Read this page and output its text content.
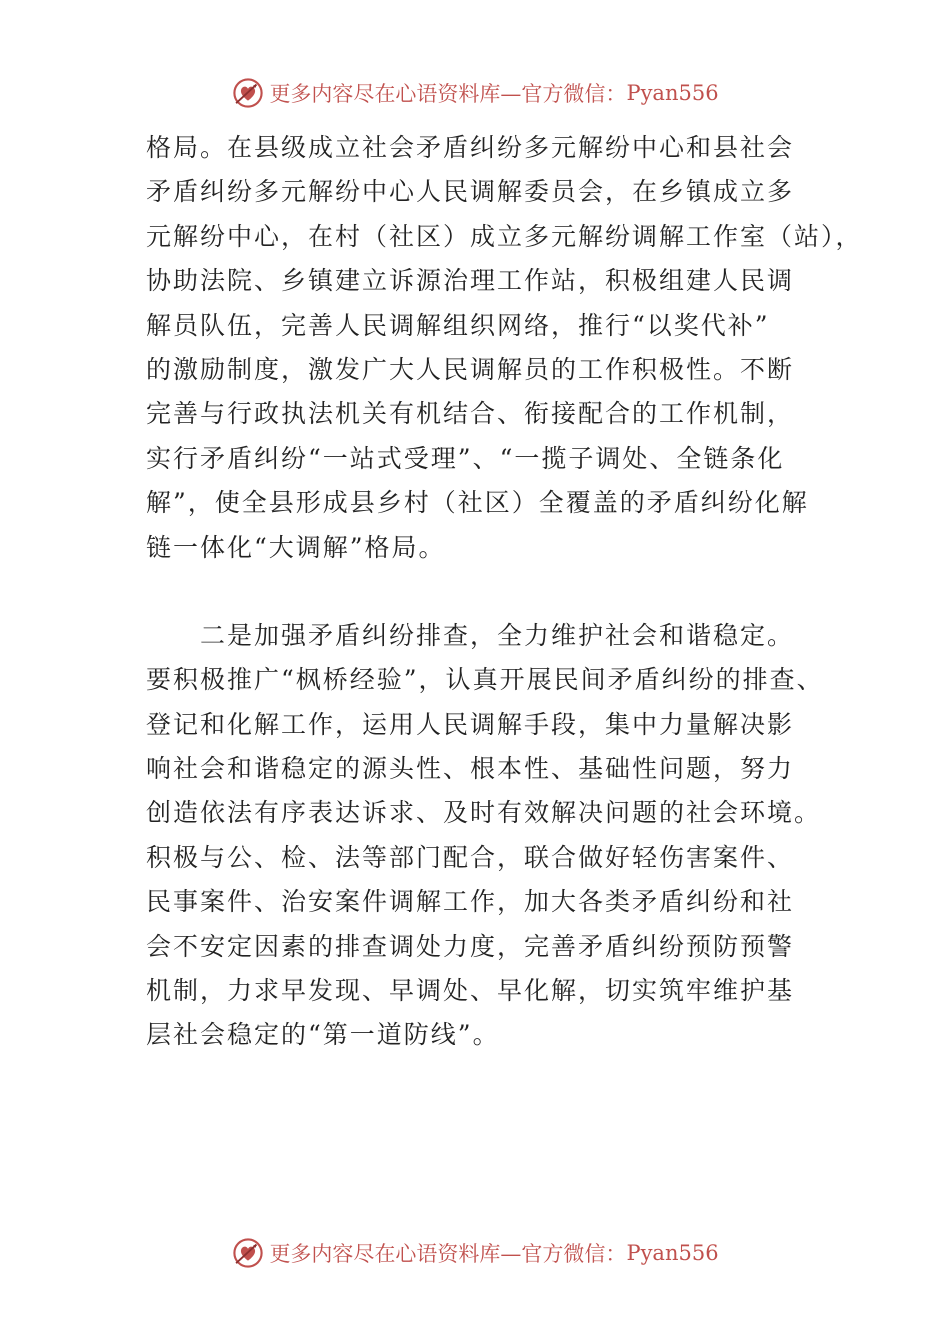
更多内容尽在心语资料库—官方微信： Pyan556
格局。在县级成立社会矛盾纠纷多元解纷中心和县社会
矛盾纠纷多元解纷中心人民调解委员会，在乡镇成立多
元解纷中心，在村（社区）成立多元解纷调解工作室（站），
协助法院、乡镇建立诉源治理工作站，积极组建人民调
解员队伍，完善人民调解组织网络，推行“以奖代补”
的激励制度，激发广大人民调解员的工作积极性。不断
完善与行政执法机关有机结合、衔接配合的工作机制，
实行矛盾纠纷“一站式受理”、“一揽子调处、全链条化
解”，使全县形成县乡村（社区）全覆盖的矛盾纠纷化解
链一体化“大调解”格局。
二是加强矛盾纠纷排查，全力维护社会和谐稳定。
要积极推广“枫桥经验”，认真开展民间矛盾纠纷的排查、
登记和化解工作，运用人民调解手段，集中力量解决影
响社会和谐稳定的源头性、根本性、基础性问题，努力
创造依法有序表达诉求、及时有效解决问题的社会环境。
积极与公、检、法等部门配合，联合做好轻伤害案件、
民事案件、治安案件调解工作，加大各类矛盾纠纷和社
会不安定因素的排查调处力度，完善矛盾纠纷预防预警
机制，力求早发现、早调处、早化解，切实筑牢维护基
层社会稳定的“第一道防线”。
更多内容尽在心语资料库—官方微信： Pyan556
